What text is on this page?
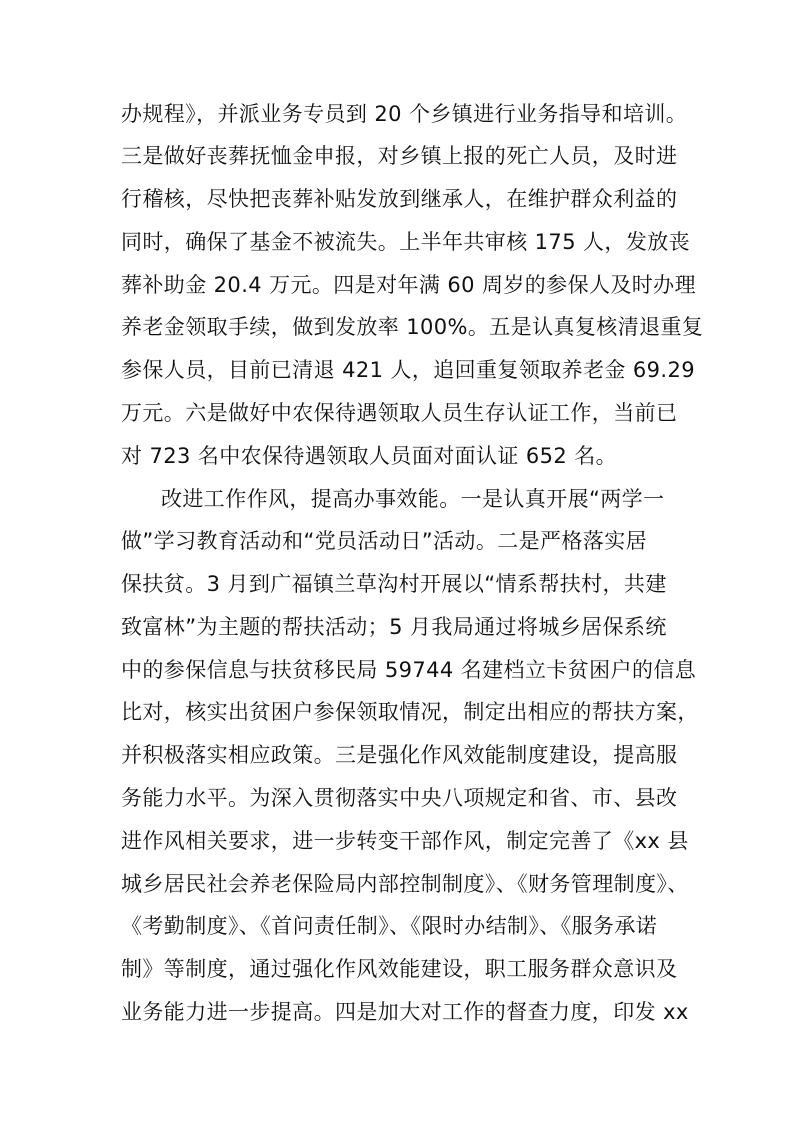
办规程》，并派业务专员到 20 个乡镇进行业务指导和培训。
三是做好丧葬抚恤金申报，对乡镇上报的死亡人员，及时进
行稽核，尽快把丧葬补贴发放到继承人，在维护群众利益的
同时，确保了基金不被流失。上半年共审核 175 人，发放丧
葬补助金 20.4 万元。四是对年满 60 周岁的参保人及时办理
养老金领取手续，做到发放率 100%。五是认真复核清退重复
参保人员，目前已清退 421 人，追回重复领取养老金 69.29
万元。六是做好中农保待遇领取人员生存认证工作，当前已
对 723 名中农保待遇领取人员面对面认证 652 名。
改进工作作风，提高办事效能。一是认真开展“两学一
做”学习教育活动和“党员活动日”活动。二是严格落实居
保扶贫。3 月到广福镇兰草沟村开展以“情系帮扶村，共建
致富林”为主题的帮扶活动；5 月我局通过将城乡居保系统
中的参保信息与扶贫移民局 59744 名建档立卡贫困户的信息
比对，核实出贫困户参保领取情况，制定出相应的帮扶方案，
并积极落实相应政策。三是强化作风效能制度建设，提高服
务能力水平。为深入贯彻落实中央八项规定和省、市、县改
进作风相关要求，进一步转变干部作风，制定完善了《xx 县
城乡居民社会养老保险局内部控制制度》、《财务管理制度》、
《考勤制度》、《首问责任制》、《限时办结制》、《服务承诺
制》等制度，通过强化作风效能建设，职工服务群众意识及
业务能力进一步提高。四是加大对工作的督查力度，印发 xx
